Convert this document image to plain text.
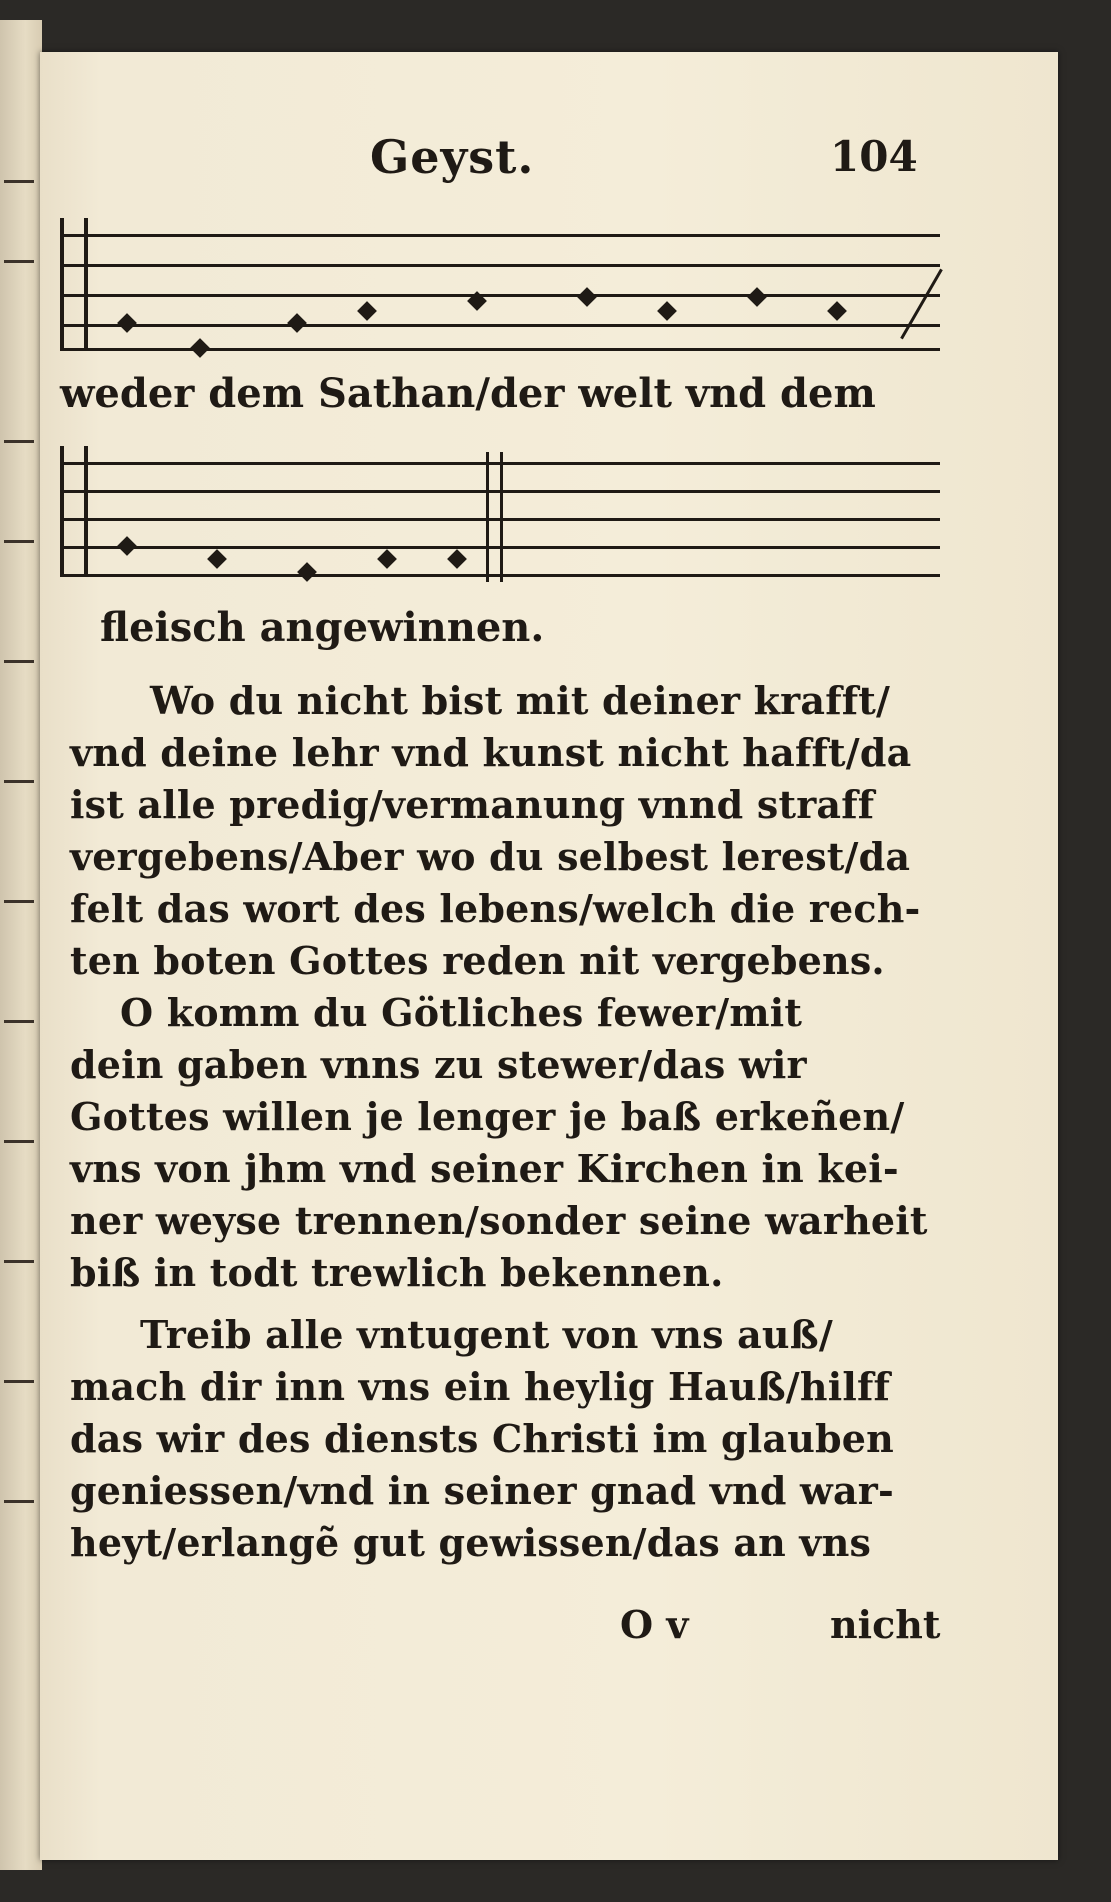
Geyst.	104
weder dem Sathan/der welt vnd dem
fleisch angewinnen.
Wo du nicht bist mit deiner krafft/
vnd deine lehr vnd kunst nicht hafft/da
ist alle predig/vermanung vnnd straff
vergebens/Aber wo du selbest lerest/da
felt das wort des lebens/welch die rech-
ten boten Gottes reden nit vergebens.
O komm du Götliches fewer/mit
dein gaben vnns zu stewer/das wir
Gottes willen je lenger je baß erkeñen/
vns von jhm vnd seiner Kirchen in kei-
ner weyse trennen/sonder seine warheit
biß in todt trewlich bekennen.
Treib alle vntugent von vns auß/
mach dir inn vns ein heylig Hauß/hilff
das wir des diensts Christi im glauben
geniessen/vnd in seiner gnad vnd war-
heyt/erlangẽ gut gewissen/das an vns
O v	nicht
